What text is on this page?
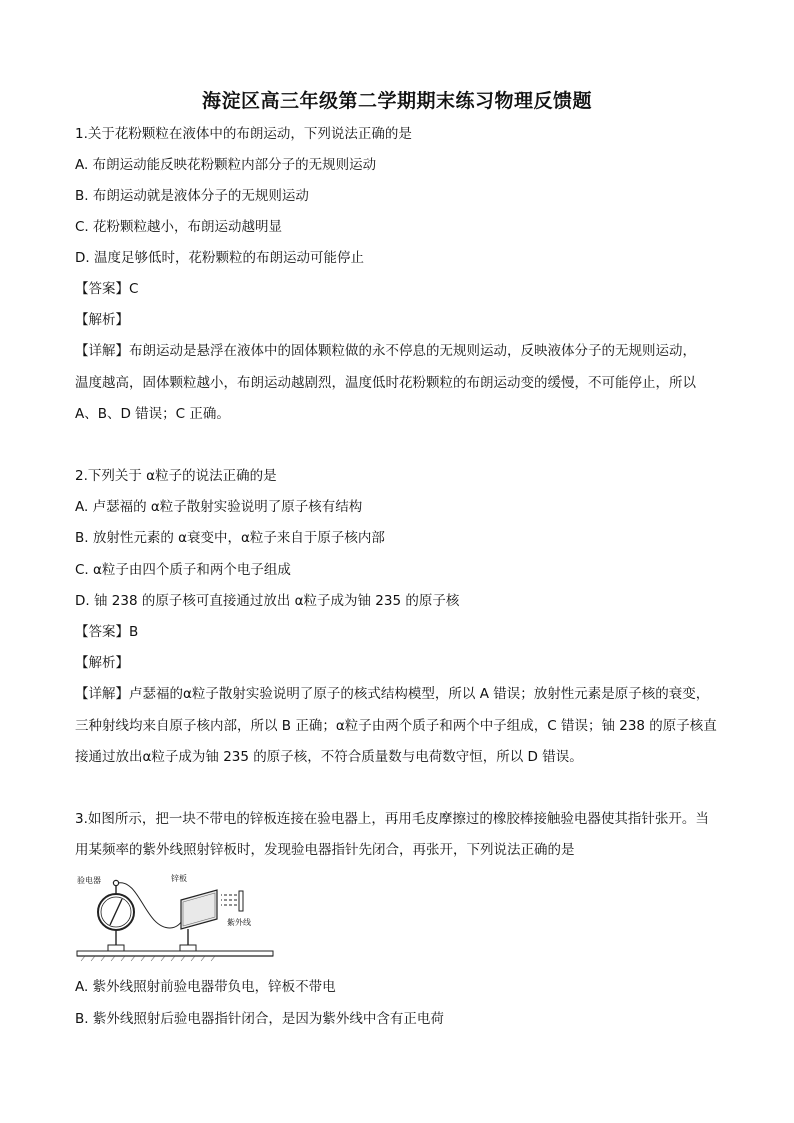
海淀区高三年级第二学期期末练习物理反馈题
1.关于花粉颗粒在液体中的布朗运动，下列说法正确的是
A. 布朗运动能反映花粉颗粒内部分子的无规则运动
B. 布朗运动就是液体分子的无规则运动
C. 花粉颗粒越小，布朗运动越明显
D. 温度足够低时，花粉颗粒的布朗运动可能停止
【答案】C
【解析】
【详解】布朗运动是悬浮在液体中的固体颗粒做的永不停息的无规则运动，反映液体分子的无规则运动，
温度越高，固体颗粒越小，布朗运动越剧烈，温度低时花粉颗粒的布朗运动变的缓慢，不可能停止，所以
A、B、D 错误；C 正确。
2.下列关于 α粒子的说法正确的是
A. 卢瑟福的 α粒子散射实验说明了原子核有结构
B. 放射性元素的 α衰变中，α粒子来自于原子核内部
C. α粒子由四个质子和两个电子组成
D. 铀 238 的原子核可直接通过放出 α粒子成为铀 235 的原子核
【答案】B
【解析】
【详解】卢瑟福的α粒子散射实验说明了原子的核式结构模型，所以 A 错误；放射性元素是原子核的衰变，
三种射线均来自原子核内部，所以 B 正确；α粒子由两个质子和两个中子组成，C 错误；铀 238 的原子核直
接通过放出α粒子成为铀 235 的原子核，不符合质量数与电荷数守恒，所以 D 错误。
3.如图所示，把一块不带电的锌板连接在验电器上，再用毛皮摩擦过的橡胶棒接触验电器使其指针张开。当
用某频率的紫外线照射锌板时，发现验电器指针先闭合，再张开，下列说法正确的是
验电器	锌板
紫外线
A. 紫外线照射前验电器带负电，锌板不带电
B. 紫外线照射后验电器指针闭合，是因为紫外线中含有正电荷
